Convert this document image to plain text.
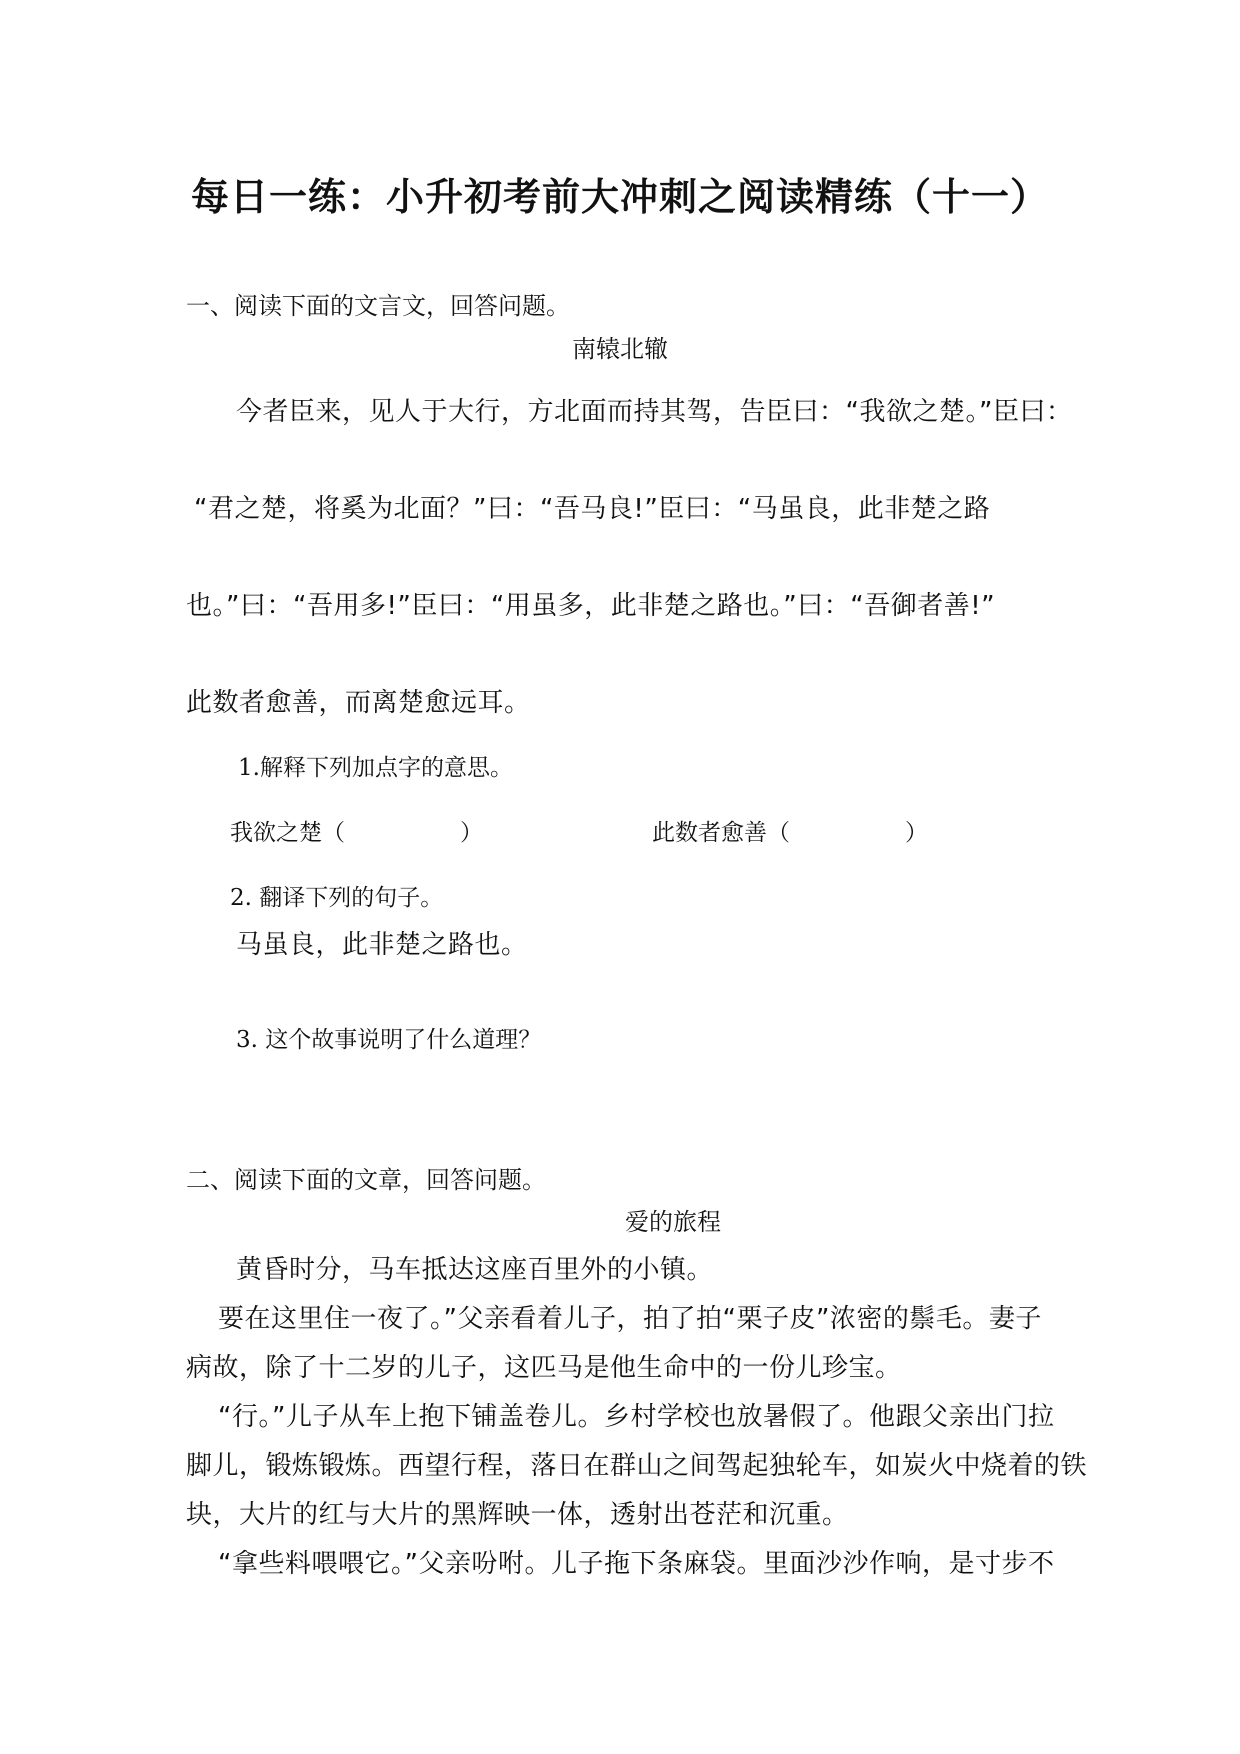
每日一练：小升初考前大冲刺之阅读精练（十一）
一、阅读下面的文言文，回答问题。
南辕北辙
今者臣来，见人于大行，方北面而持其驾，告臣曰：“我欲之楚。”臣曰：
“君之楚，将奚为北面？”曰：“吾马良!”臣曰：“马虽良，此非楚之路
也。”曰：“吾用多!”臣曰：“用虽多，此非楚之路也。”曰：“吾御者善!”
此数者愈善，而离楚愈远耳。
1.解释下列加点字的意思。
我欲之楚（　　　　　）	此数者愈善（　　　　　）
2. 翻译下列的句子。
马虽良，此非楚之路也。
3. 这个故事说明了什么道理？
二、阅读下面的文章，回答问题。
爱的旅程
黄昏时分，马车抵达这座百里外的小镇。
要在这里住一夜了。”父亲看着儿子，拍了拍“栗子皮”浓密的鬃毛。妻子
病故，除了十二岁的儿子，这匹马是他生命中的一份儿珍宝。
“行。”儿子从车上抱下铺盖卷儿。乡村学校也放暑假了。他跟父亲出门拉
脚儿，锻炼锻炼。西望行程，落日在群山之间驾起独轮车，如炭火中烧着的铁
块，大片的红与大片的黑辉映一体，透射出苍茫和沉重。
“拿些料喂喂它。”父亲吩咐。儿子拖下条麻袋。里面沙沙作响，是寸步不
